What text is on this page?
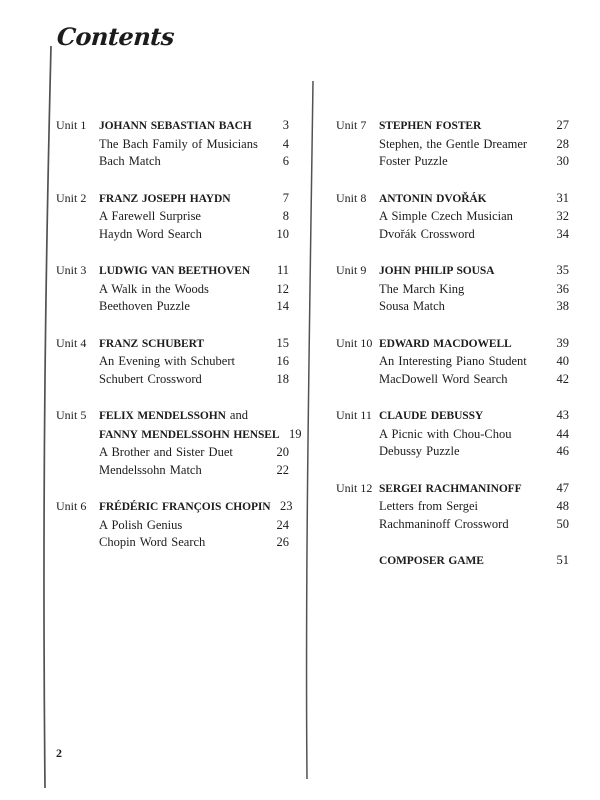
Contents
Unit 1	JOHANN SEBASTIAN BACH	3
The Bach Family of Musicians	4
Bach Match	6
Unit 2	FRANZ JOSEPH HAYDN	7
A Farewell Surprise	8
Haydn Word Search	10
Unit 3	LUDWIG VAN BEETHOVEN	11
A Walk in the Woods	12
Beethoven Puzzle	14
Unit 4	FRANZ SCHUBERT	15
An Evening with Schubert	16
Schubert Crossword	18
Unit 5	FELIX MENDELSSOHN and
FANNY MENDELSSOHN HENSEL 19
A Brother and Sister Duet	20
Mendelssohn Match	22
Unit 6	FRÉDÉRIC FRANÇOIS CHOPIN 23
A Polish Genius	24
Chopin Word Search	26
Unit 7	STEPHEN FOSTER	27
Stephen, the Gentle Dreamer	28
Foster Puzzle	30
Unit 8	ANTONIN DVOŘÁK	31
A Simple Czech Musician	32
Dvořák Crossword	34
Unit 9	JOHN PHILIP SOUSA	35
The March King	36
Sousa Match	38
Unit 10 EDWARD MACDOWELL	39
An Interesting Piano Student	40
MacDowell Word Search	42
Unit 11 CLAUDE DEBUSSY	43
A Picnic with Chou-Chou	44
Debussy Puzzle	46
Unit 12 SERGEI RACHMANINOFF	47
Letters from Sergei	48
Rachmaninoff Crossword	50
COMPOSER GAME	51
2
